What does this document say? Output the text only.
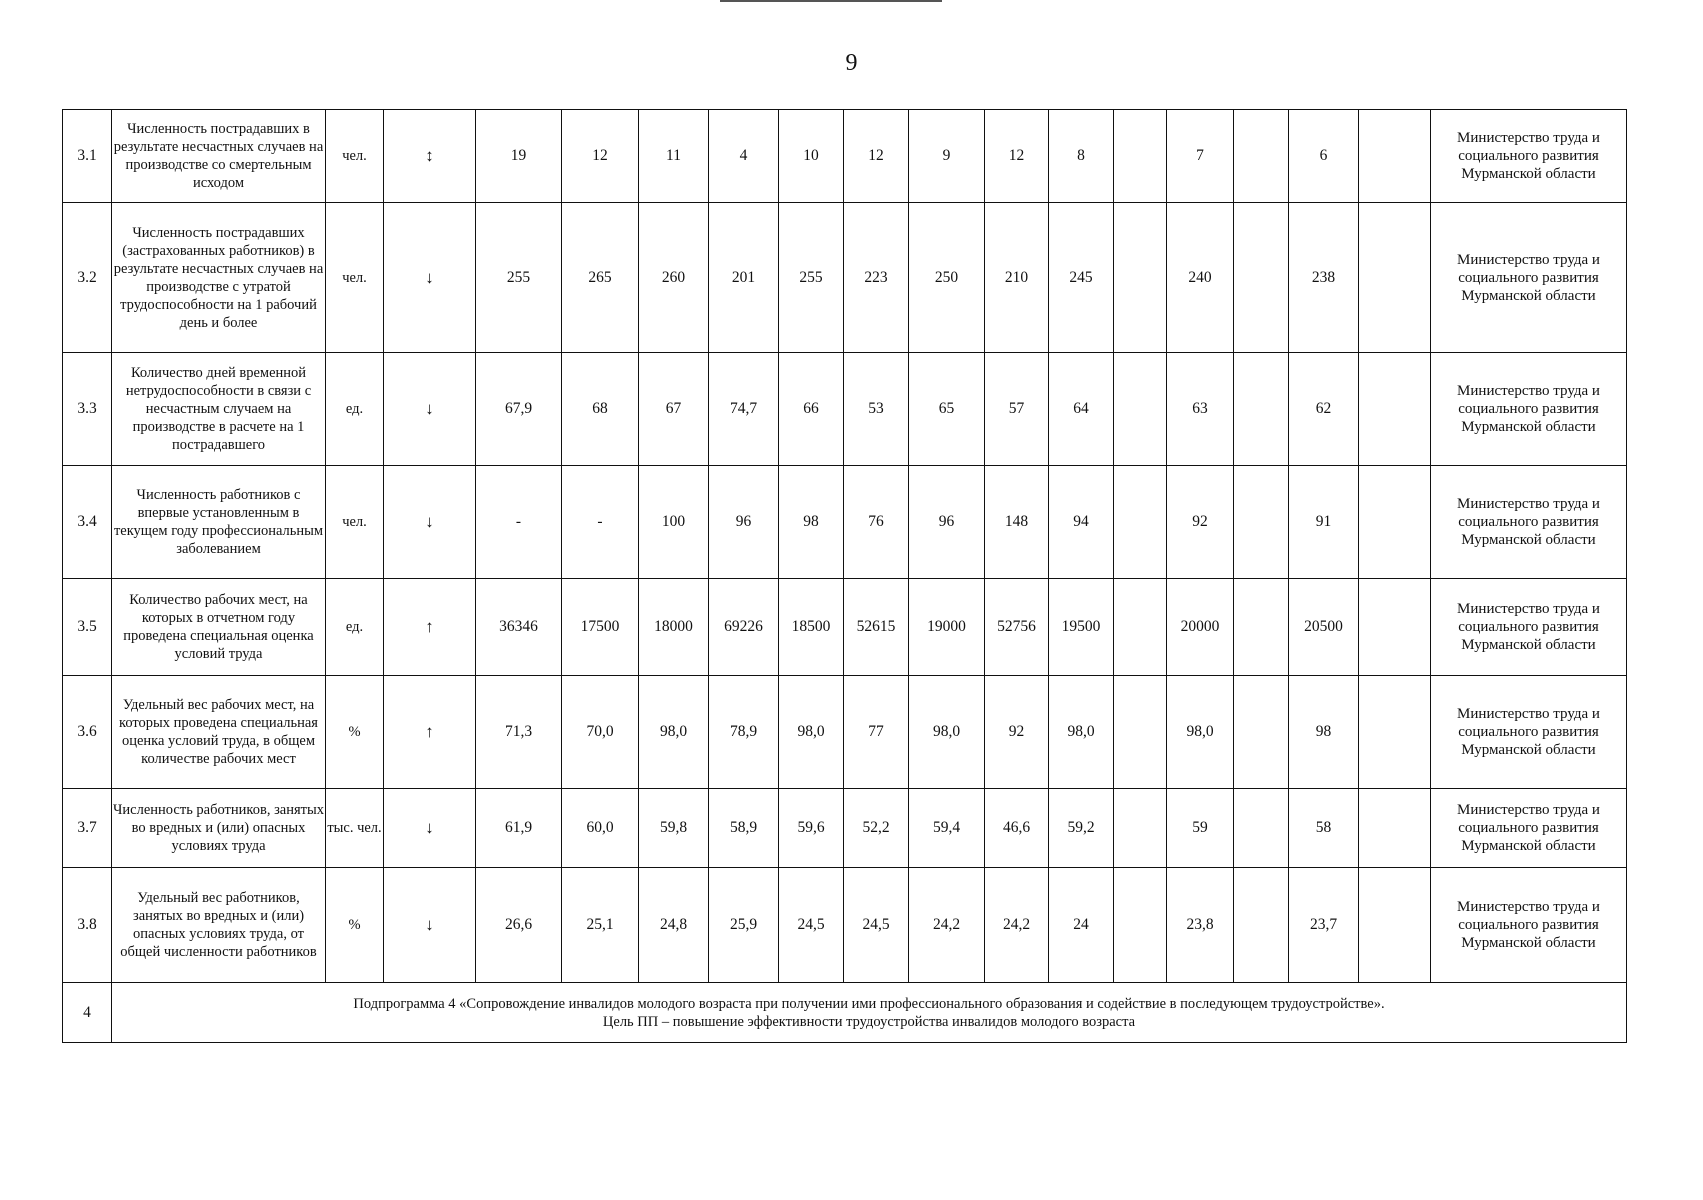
9
3.1	Численность пострадавших в результате несчастных случаев на производстве со смертельным исходом	чел.	↕	19	12	11	4	10	12	9	12	8		7		6		Министерство труда и социального развития Мурманской области
3.2	Численность пострадавших (застрахованных работников) в результате несчастных случаев на производстве с утратой трудоспособности на 1 рабочий день и более	чел.	↓	255	265	260	201	255	223	250	210	245		240		238		Министерство труда и социального развития Мурманской области
3.3	Количество дней временной нетрудоспособности в связи с несчастным случаем на производстве в расчете на 1 пострадавшего	ед.	↓	67,9	68	67	74,7	66	53	65	57	64		63		62		Министерство труда и социального развития Мурманской области
3.4	Численность работников с впервые установленным в текущем году профессиональным заболеванием	чел.	↓	-	-	100	96	98	76	96	148	94		92		91		Министерство труда и социального развития Мурманской области
3.5	Количество рабочих мест, на которых в отчетном году проведена специальная оценка условий труда	ед.	↑	36346	17500	18000	69226	18500	52615	19000	52756	19500		20000		20500		Министерство труда и социального развития Мурманской области
3.6	Удельный вес рабочих мест, на которых проведена специальная оценка условий труда, в общем количестве рабочих мест	%	↑	71,3	70,0	98,0	78,9	98,0	77	98,0	92	98,0		98,0		98		Министерство труда и социального развития Мурманской области
3.7	Численность работников, занятых во вредных и (или) опасных условиях труда	тыс. чел.	↓	61,9	60,0	59,8	58,9	59,6	52,2	59,4	46,6	59,2		59		58		Министерство труда и социального развития Мурманской области
3.8	Удельный вес работников, занятых во вредных и (или) опасных условиях труда, от общей численности работников	%	↓	26,6	25,1	24,8	25,9	24,5	24,5	24,2	24,2	24		23,8		23,7		Министерство труда и социального развития Мурманской области
4	Подпрограмма 4 «Сопровождение инвалидов молодого возраста при получении ими профессионального образования и содействие в последующем трудоустройстве».
Цель ПП – повышение эффективности трудоустройства инвалидов молодого возраста																	
